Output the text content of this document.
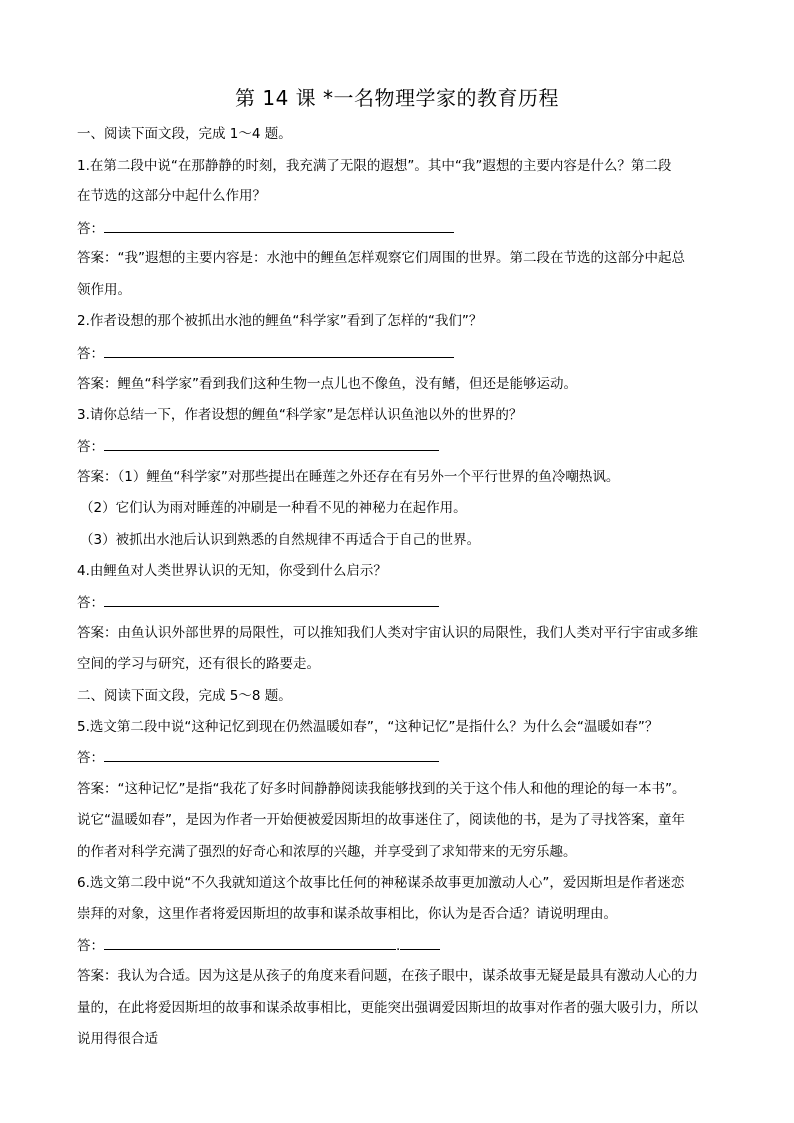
第 14 课 *一名物理学家的教育历程
一、阅读下面文段，完成 1～4 题。
1.在第二段中说“在那静静的时刻，我充满了无限的遐想”。其中“我”遐想的主要内容是什么？第二段
在节选的这部分中起什么作用？
答：
答案：“我”遐想的主要内容是：水池中的鲤鱼怎样观察它们周围的世界。第二段在节选的这部分中起总
领作用。
2.作者设想的那个被抓出水池的鲤鱼“科学家”看到了怎样的“我们”？
答：
答案：鲤鱼“科学家”看到我们这种生物一点儿也不像鱼，没有鳍，但还是能够运动。
3.请你总结一下，作者设想的鲤鱼“科学家”是怎样认识鱼池以外的世界的？
答：
答案：（1）鲤鱼“科学家”对那些提出在睡莲之外还存在有另外一个平行世界的鱼冷嘲热讽。
（2）它们认为雨对睡莲的冲刷是一种看不见的神秘力在起作用。
（3）被抓出水池后认识到熟悉的自然规律不再适合于自己的世界。
4.由鲤鱼对人类世界认识的无知，你受到什么启示？
答：
答案：由鱼认识外部世界的局限性，可以推知我们人类对宇宙认识的局限性，我们人类对平行宇宙或多维
空间的学习与研究，还有很长的路要走。
二、阅读下面文段，完成 5～8 题。
5.选文第二段中说“这种记忆到现在仍然温暖如春”，“这种记忆”是指什么？为什么会“温暖如春”？
答：
答案：“这种记忆”是指“我花了好多时间静静阅读我能够找到的关于这个伟人和他的理论的每一本书”。
说它“温暖如春”，是因为作者一开始便被爱因斯坦的故事迷住了，阅读他的书，是为了寻找答案，童年
的作者对科学充满了强烈的好奇心和浓厚的兴趣，并享受到了求知带来的无穷乐趣。
6.选文第二段中说“不久我就知道这个故事比任何的神秘谋杀故事更加激动人心”，爱因斯坦是作者迷恋
崇拜的对象，这里作者将爱因斯坦的故事和谋杀故事相比，你认为是否合适？请说明理由。
答：	.
答案：我认为合适。因为这是从孩子的角度来看问题，在孩子眼中，谋杀故事无疑是最具有激动人心的力
量的，在此将爱因斯坦的故事和谋杀故事相比，更能突出强调爱因斯坦的故事对作者的强大吸引力，所以
说用得很合适
